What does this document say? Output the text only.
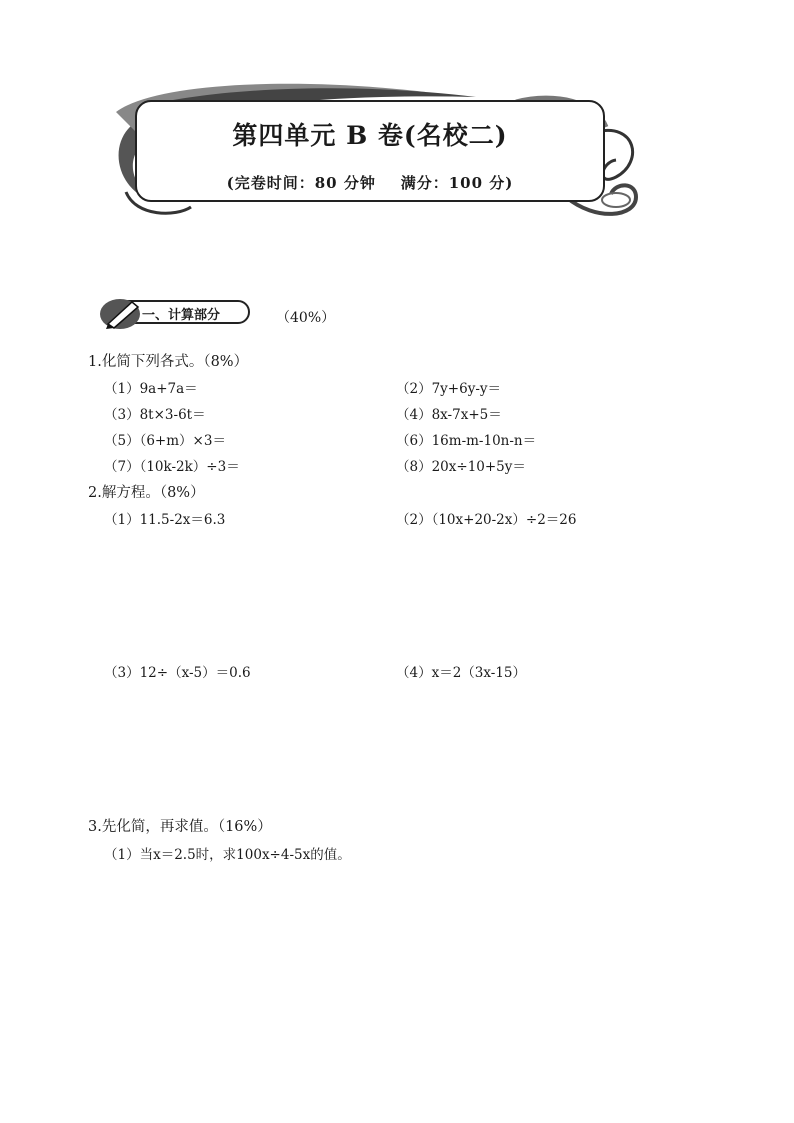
第四单元 B 卷(名校二)
(完卷时间：80 分钟    满分：100 分)
一、计算部分	（40%）
1.化简下列各式。（8%）
（1）9a+7a＝	（2）7y+6y-y＝
（3）8t×3-6t＝	（4）8x-7x+5＝
（5）（6+m）×3＝	（6）16m-m-10n-n＝
（7）（10k-2k）÷3＝	（8）20x÷10+5y＝
2.解方程。（8%）
（1）11.5-2x＝6.3	（2）（10x+20-2x）÷2＝26
（3）12÷（x-5）＝0.6	（4）x＝2（3x-15）
3.先化简，再求值。（16%）
（1）当x＝2.5时，求100x÷4-5x的值。
